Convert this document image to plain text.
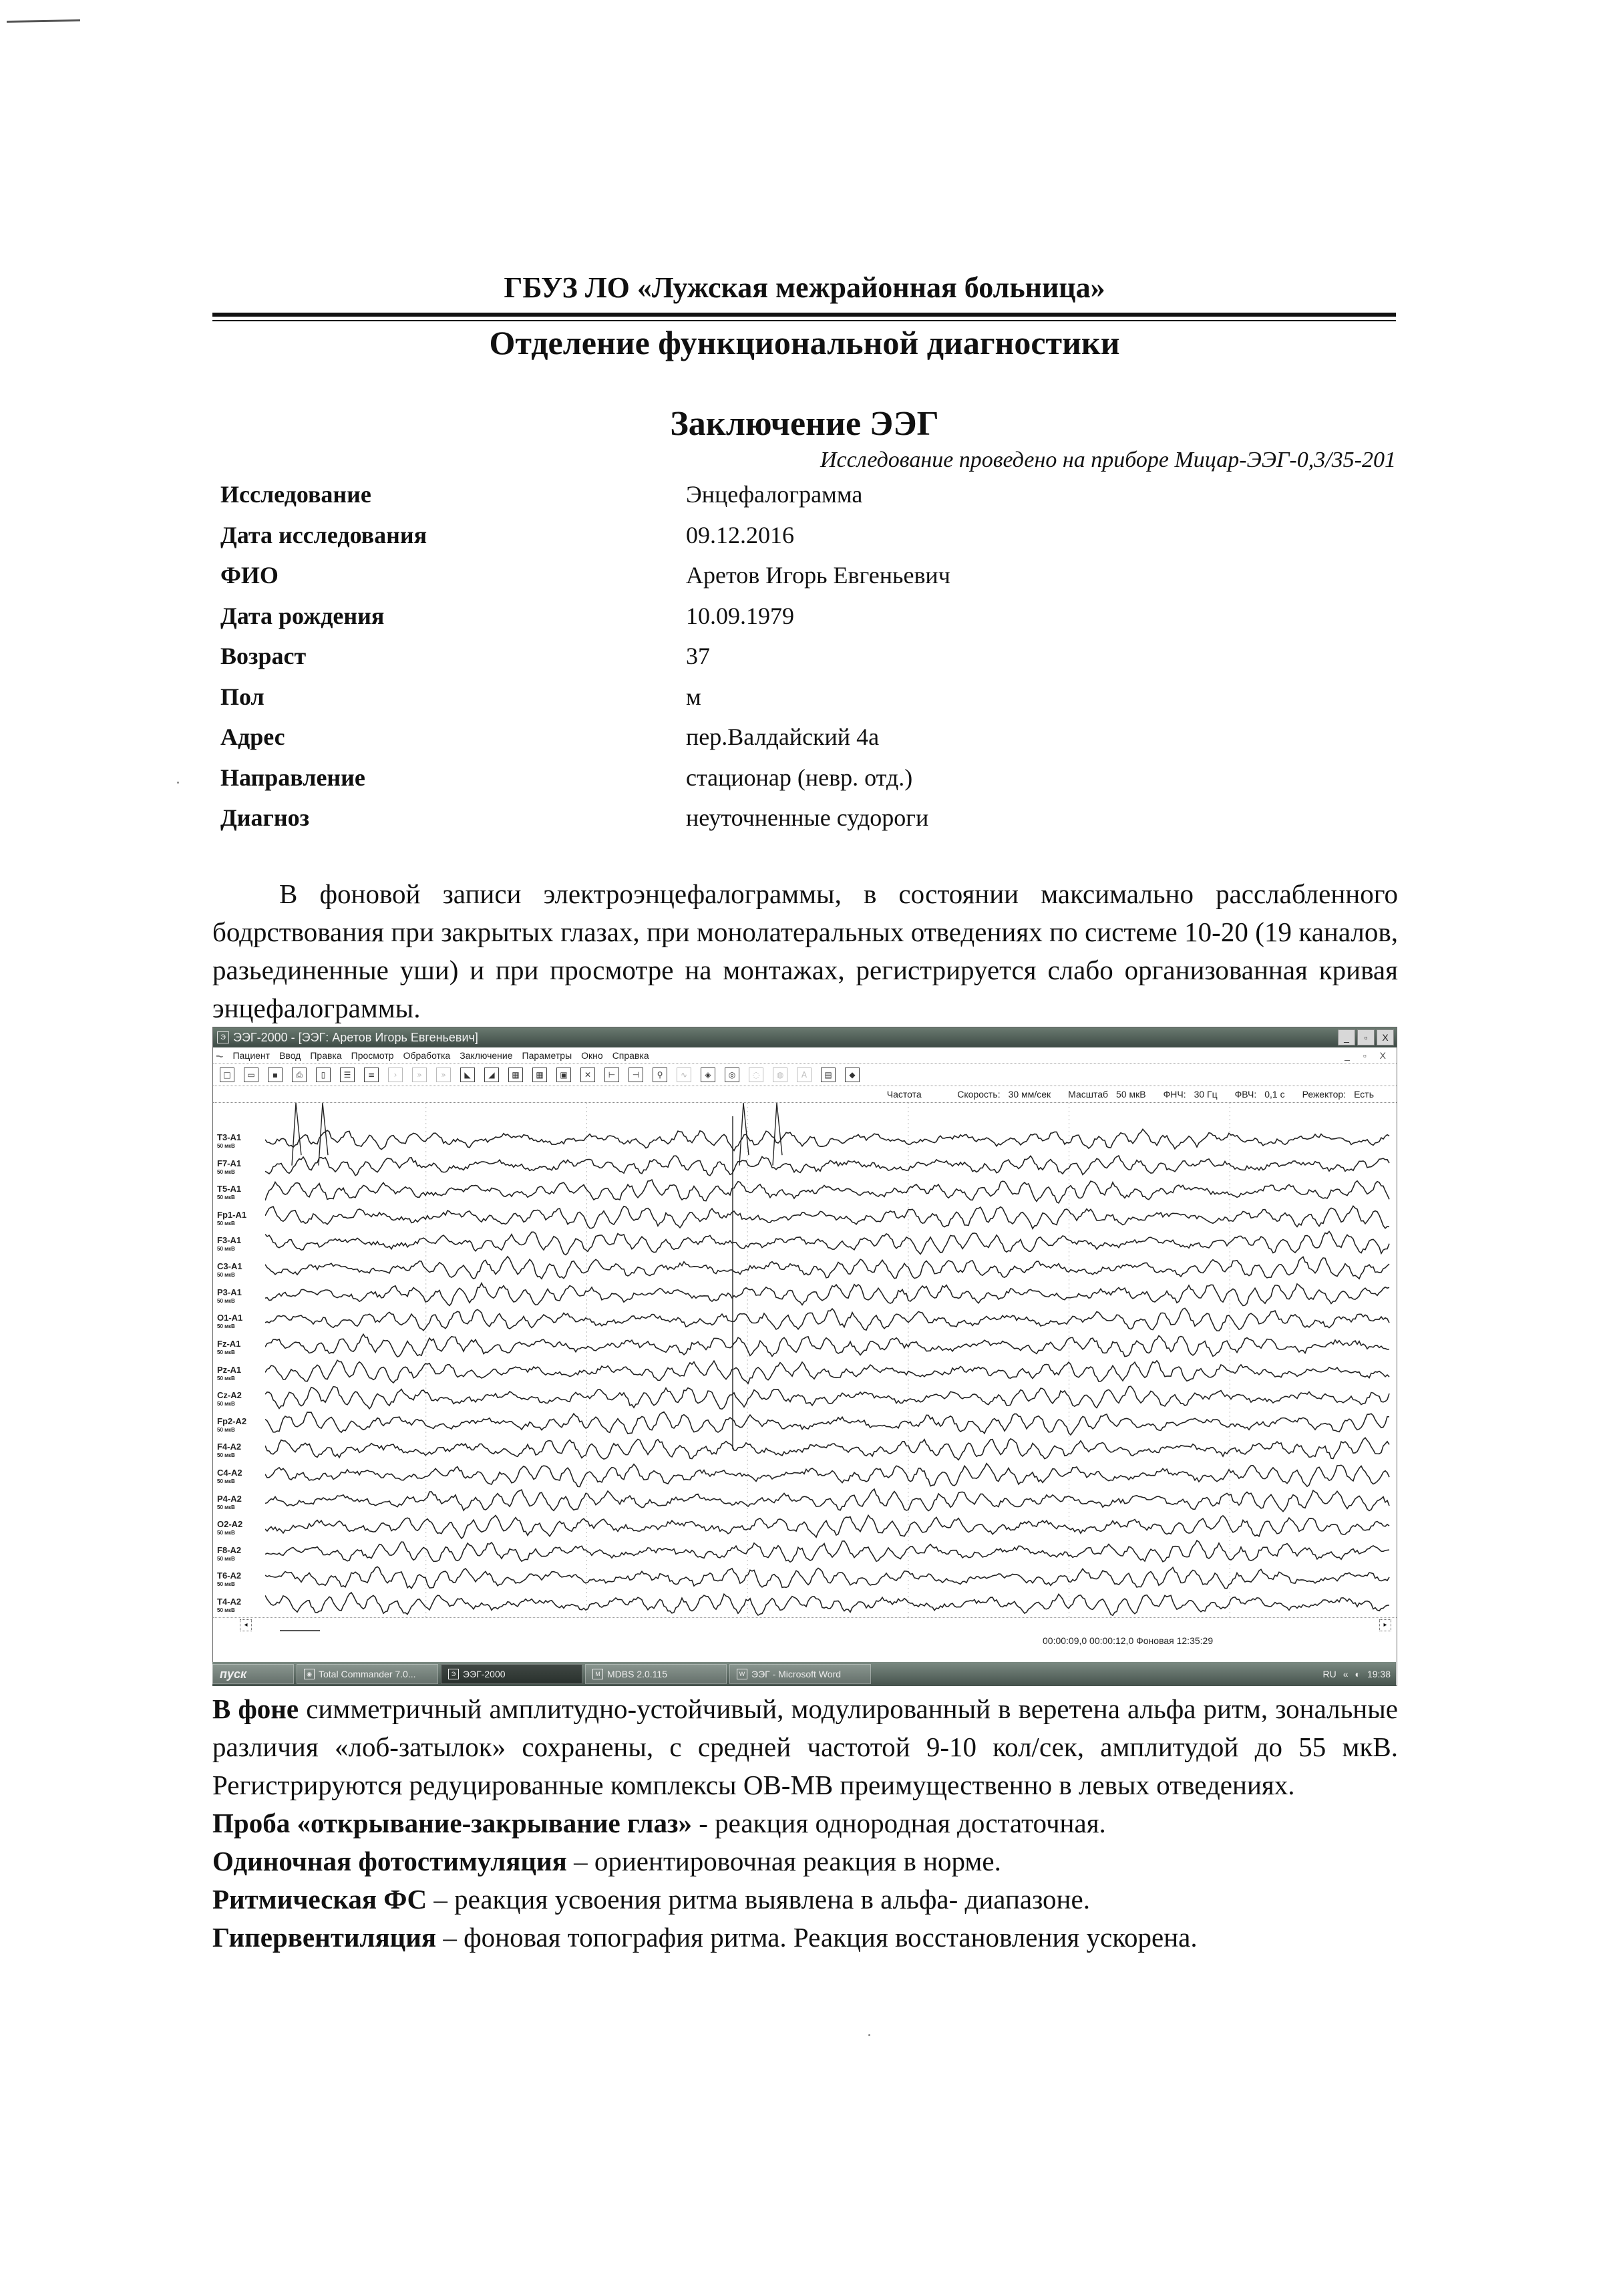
ГБУЗ ЛО «Лужская межрайонная больница»
Отделение функциональной диагностики
Заключение ЭЭГ
Исследование проведено на приборе Мицар-ЭЭГ-0,3/35-201
Исследование	Энцефалограмма
Дата исследования	09.12.2016
ФИО	Аретов Игорь Евгеньевич
Дата рождения	10.09.1979
Возраст	37
Пол	м
Адрес	пер.Валдайский 4а
Направление	стационар (невр. отд.)
Диагноз	неуточненные судороги
В фоновой записи электроэнцефалограммы, в состоянии максимально расслабленного бодрствования при закрытых глазах, при монолатеральных отведениях по системе 10-20 (19 каналов, разьединенные уши) и при просмотре на монтажах, регистрируется слабо организованная кривая энцефалограммы.
Э ЭЭГ-2000 - [ЭЭГ: Аретов Игорь Евгеньевич]	_	▫	X
⏦ Пациент Ввод Правка Просмотр Обработка Заключение Параметры Окно Справка	_ ▫ X
□	▭	▪	⎙	▯	☰	≡	›	»	»	◣	◢	▦	▦	▣	✕	⊢	⊣	⚲	∿	◈	◎	◌	◍	A	▤	◆
Частота
	Скорость: 30 мм/сек Масштаб 50 мкВ ФНЧ: 30 Гц ФВЧ: 0,1 с Режектор: Есть
T3-A1
50 мкВ
F7-A1
50 мкВ
T5-A1
50 мкВ
Fp1-A1
50 мкВ
F3-A1
50 мкВ
C3-A1
50 мкВ
P3-A1
50 мкВ
O1-A1
50 мкВ
Fz-A1
50 мкВ
Pz-A1
50 мкВ
Cz-A2
50 мкВ
Fp2-A2
50 мкВ
F4-A2
50 мкВ
C4-A2
50 мкВ
P4-A2
50 мкВ
O2-A2
50 мкВ
F8-A2
50 мкВ
T6-A2
50 мкВ
T4-A2
50 мкВ
◂	▸
00:00:09,0 00:00:12,0 Фоновая 12:35:29
пуск	◉ Total Commander 7.0...	Э ЭЭГ-2000	M MDBS 2.0.115	W ЭЭГ - Microsoft Word	RU « ◐ 19:38

В фоне симметричный амплитудно-устойчивый, модулированный в веретена альфа ритм, зональные различия «лоб-затылок» сохранены, с средней частотой 9-10 кол/сек, амплитудой до 55 мкВ. Регистрируются редуцированные комплексы ОВ-МВ преимущественно в левых отведениях.

Проба «открывание-закрывание глаз» - реакция однородная достаточная.

Одиночная фотостимуляция – ориентировочная реакция в норме.

Ритмическая ФС – реакция усвоения ритма выявлена в альфа- диапазоне.

Гипервентиляция – фоновая топография ритма. Реакция восстановления ускорена.
